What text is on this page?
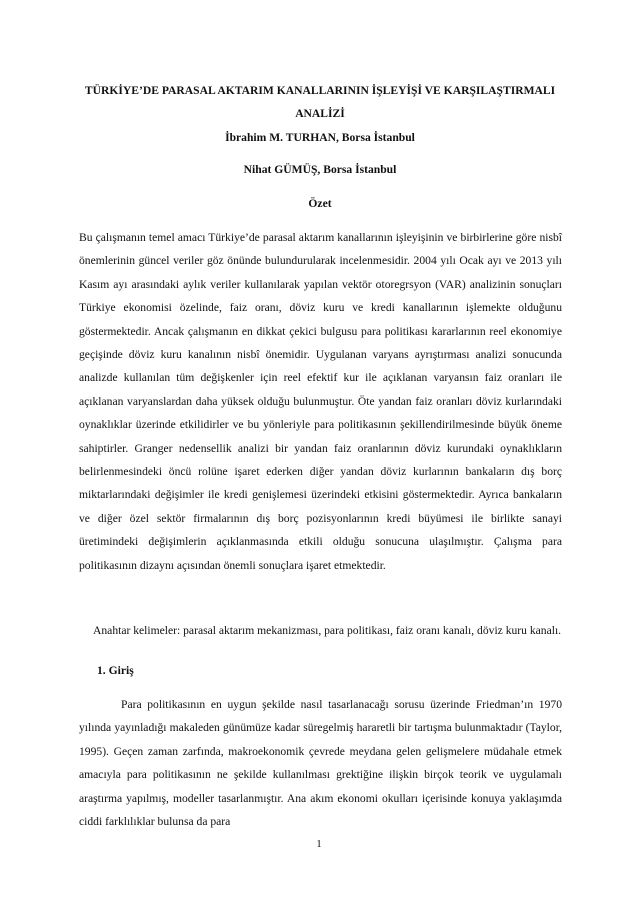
TÜRKİYE’DE PARASAL AKTARIM KANALLARININ İŞLEYİŞİ VE KARŞILAŞTIRMALI ANALİZİ
İbrahim M. TURHAN, Borsa İstanbul
Nihat GÜMÜŞ, Borsa İstanbul
Özet
Bu çalışmanın temel amacı Türkiye’de parasal aktarım kanallarının işleyişinin ve birbirlerine göre nisbî önemlerinin güncel veriler göz önünde bulundurularak incelenmesidir. 2004 yılı Ocak ayı ve 2013 yılı Kasım ayı arasındaki aylık veriler kullanılarak yapılan vektör otoregrsyon (VAR) analizinin sonuçları Türkiye ekonomisi özelinde, faiz oranı, döviz kuru ve kredi kanallarının işlemekte olduğunu göstermektedir. Ancak çalışmanın en dikkat çekici bulgusu para politikası kararlarının reel ekonomiye geçişinde döviz kuru kanalının nisbî önemidir. Uygulanan varyans ayrıştırması analizi sonucunda analizde kullanılan tüm değişkenler için reel efektif kur ile açıklanan varyansın faiz oranları ile açıklanan varyanslardan daha yüksek olduğu bulunmuştur. Öte yandan faiz oranları döviz kurlarındaki oynaklıklar üzerinde etkilidirler ve bu yönleriyle para politikasının şekillendirilmesinde büyük öneme sahiptirler. Granger nedensellik analizi bir yandan faiz oranlarının döviz kurundaki oynaklıkların belirlenmesindeki öncü rolüne işaret ederken diğer yandan döviz kurlarının bankaların dış borç miktarlarındaki değişimler ile kredi genişlemesi üzerindeki etkisini göstermektedir. Ayrıca bankaların ve diğer özel sektör firmalarının dış borç pozisyonlarının kredi büyümesi ile birlikte sanayi üretimindeki değişimlerin açıklanmasında etkili olduğu sonucuna ulaşılmıştır. Çalışma para politikasının dizaynı açısından önemli sonuçlara işaret etmektedir.
Anahtar kelimeler: parasal aktarım mekanizması, para politikası, faiz oranı kanalı, döviz kuru kanalı.
1. Giriş
Para politikasının en uygun şekilde nasıl tasarlanacağı sorusu üzerinde Friedman’ın 1970 yılında yayınladığı makaleden günümüze kadar süregelmiş hararetli bir tartışma bulunmaktadır (Taylor, 1995). Geçen zaman zarfında, makroekonomik çevrede meydana gelen gelişmelere müdahale etmek amacıyla para politikasının ne şekilde kullanılması grektiğine ilişkin birçok teorik ve uygulamalı araştırma yapılmış, modeller tasarlanmıştır. Ana akım ekonomi okulları içerisinde konuya yaklaşımda ciddi farklılıklar bulunsa da para
1
